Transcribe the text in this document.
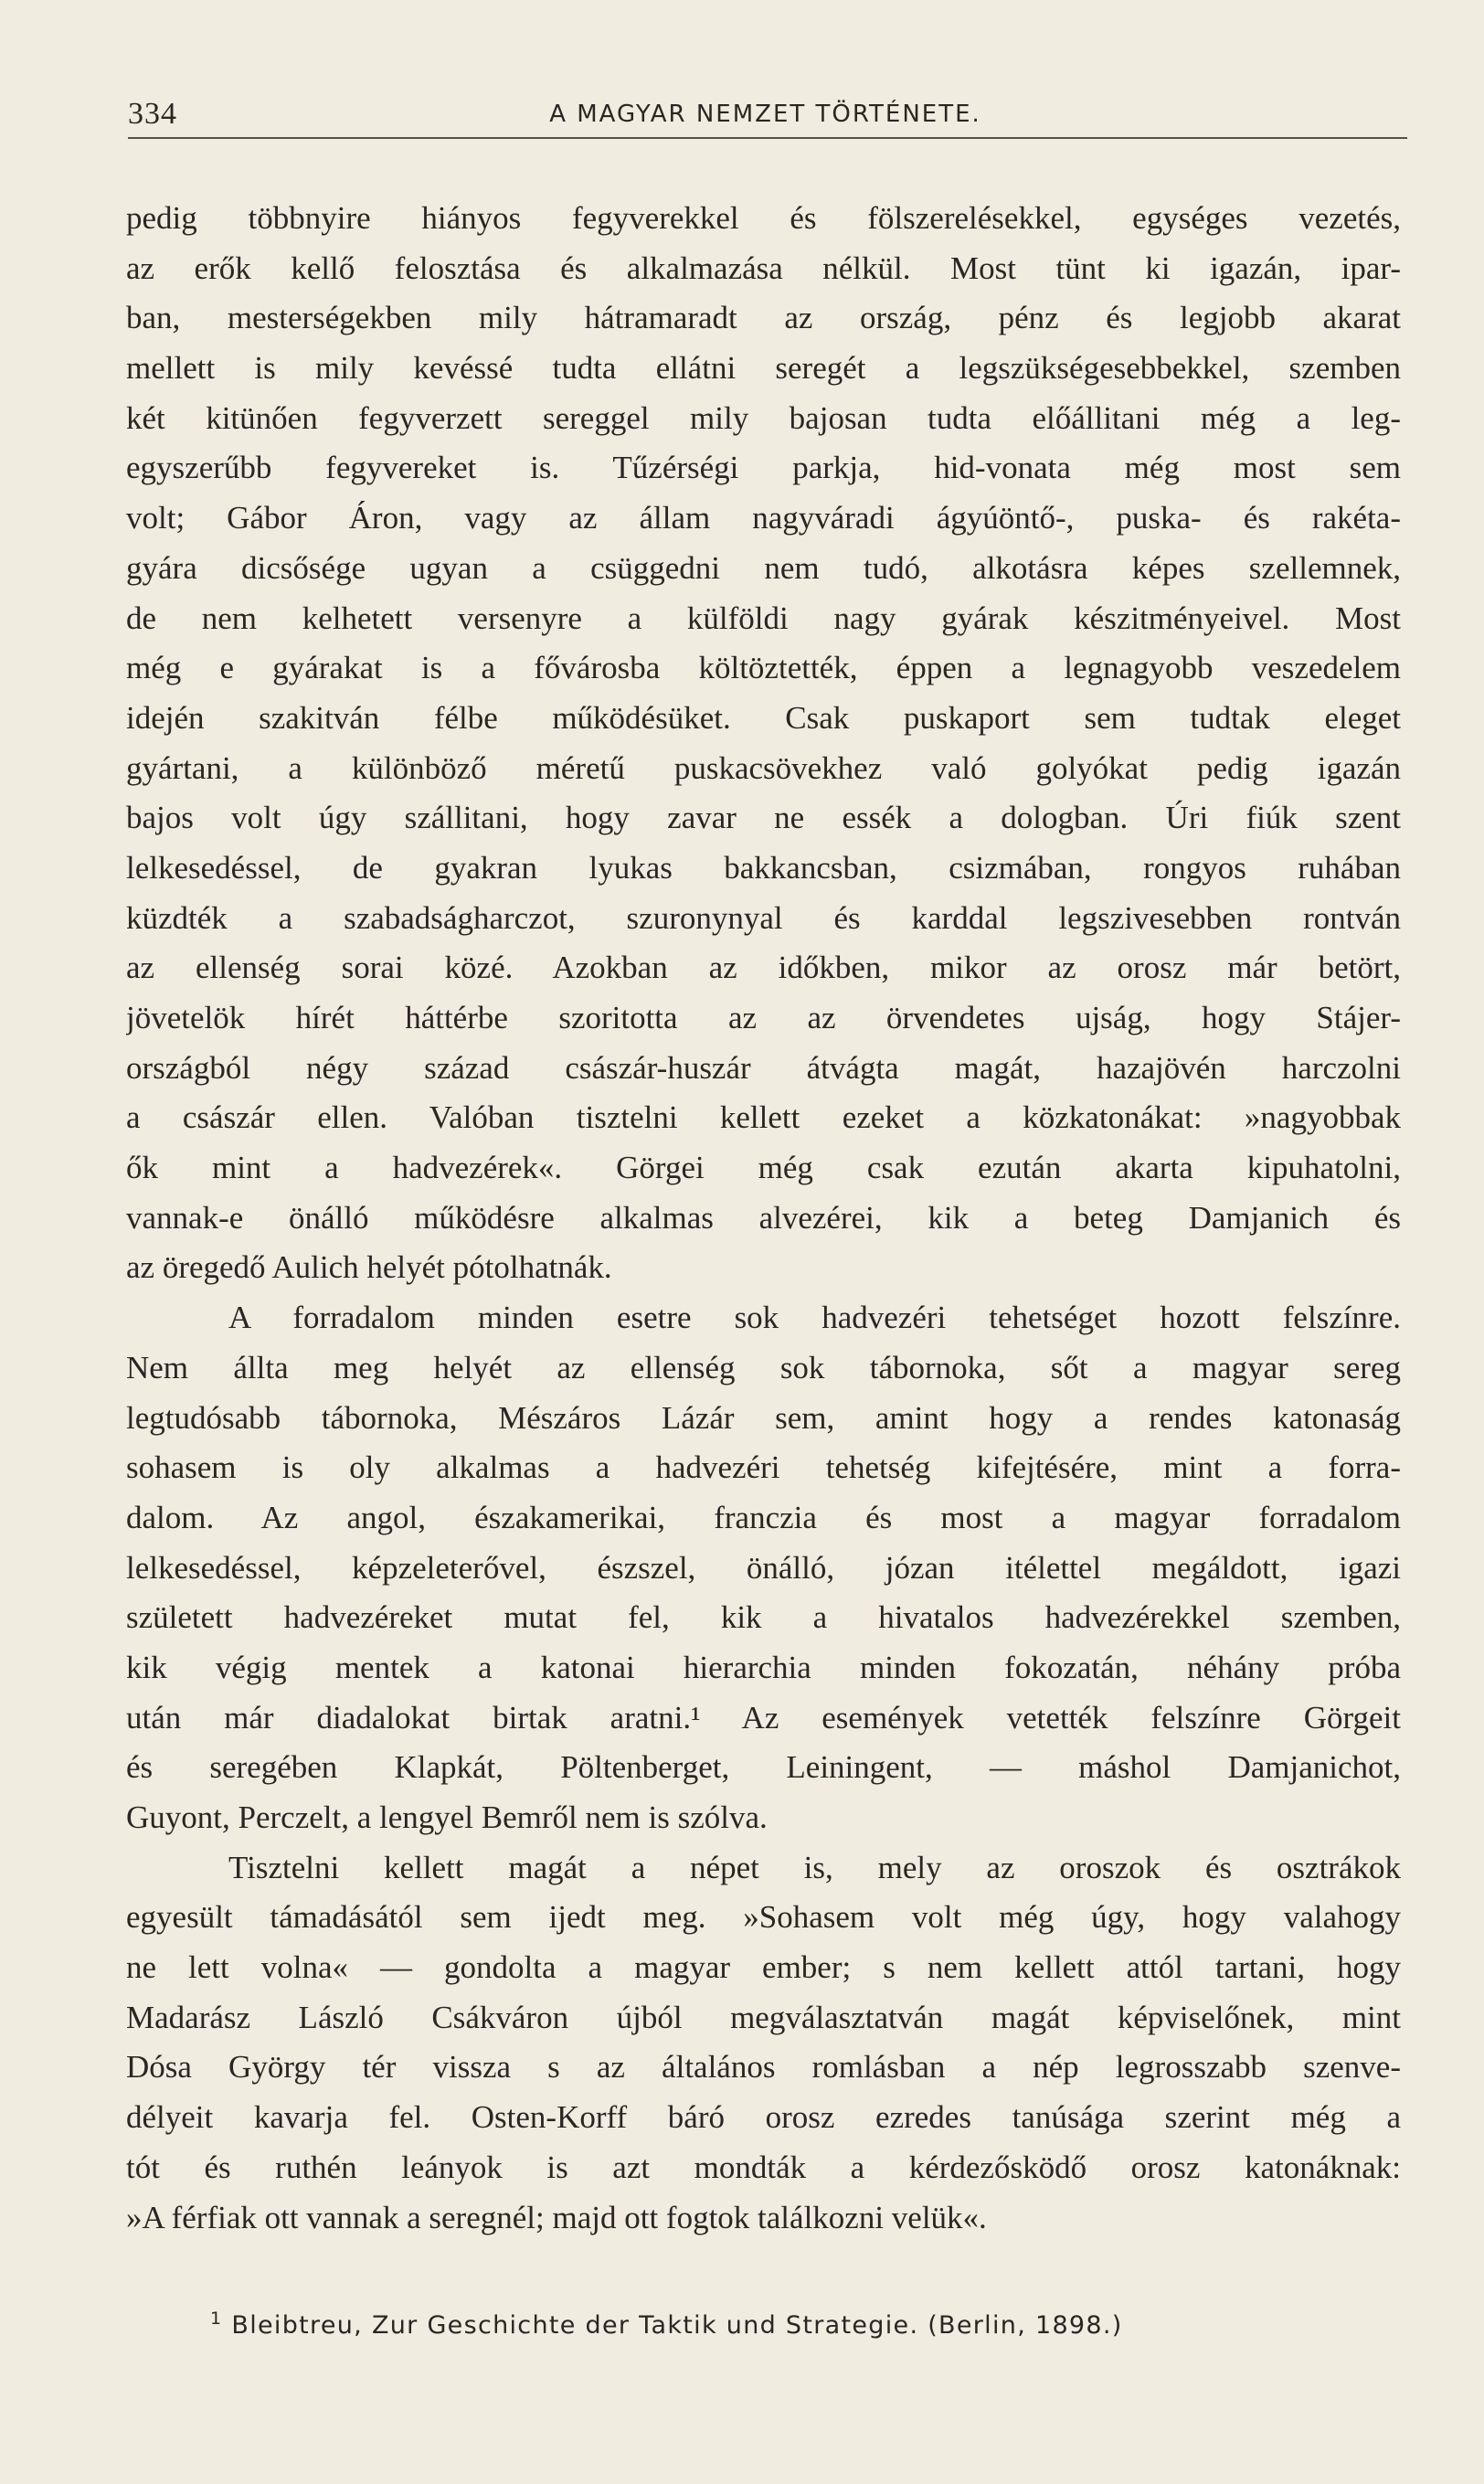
334	A MAGYAR NEMZET TÖRTÉNETE.
pedig többnyire hiányos fegyverekkel és fölszerelésekkel, egységes vezetés,
az erők kellő felosztása és alkalmazása nélkül. Most tünt ki igazán, ipar-
ban, mesterségekben mily hátramaradt az ország, pénz és legjobb akarat
mellett is mily kevéssé tudta ellátni seregét a legszükségesebbekkel, szemben
két kitünően fegyverzett sereggel mily bajosan tudta előállitani még a leg-
egyszerűbb fegyvereket is. Tűzérségi parkja, hid-vonata még most sem
volt; Gábor Áron, vagy az állam nagyváradi ágyúöntő-, puska- és rakéta-
gyára dicsősége ugyan a csüggedni nem tudó, alkotásra képes szellemnek,
de nem kelhetett versenyre a külföldi nagy gyárak készitményeivel. Most
még e gyárakat is a fővárosba költöztették, éppen a legnagyobb veszedelem
idején szakitván félbe működésüket. Csak puskaport sem tudtak eleget
gyártani, a különböző méretű puskacsövekhez való golyókat pedig igazán
bajos volt úgy szállitani, hogy zavar ne essék a dologban. Úri fiúk szent
lelkesedéssel, de gyakran lyukas bakkancsban, csizmában, rongyos ruhában
küzdték a szabadságharczot, szuronynyal és karddal legszivesebben rontván
az ellenség sorai közé. Azokban az időkben, mikor az orosz már betört,
jövetelök hírét háttérbe szoritotta az az örvendetes ujság, hogy Stájer-
országból négy század császár-huszár átvágta magát, hazajövén harczolni
a császár ellen. Valóban tisztelni kellett ezeket a közkatonákat: »nagyobbak
ők mint a hadvezérek«. Görgei még csak ezután akarta kipuhatolni,
vannak-e önálló működésre alkalmas alvezérei, kik a beteg Damjanich és
az öregedő Aulich helyét pótolhatnák.
A forradalom minden esetre sok hadvezéri tehetséget hozott felszínre.
Nem állta meg helyét az ellenség sok tábornoka, sőt a magyar sereg
legtudósabb tábornoka, Mészáros Lázár sem, amint hogy a rendes katonaság
sohasem is oly alkalmas a hadvezéri tehetség kifejtésére, mint a forra-
dalom. Az angol, északamerikai, franczia és most a magyar forradalom
lelkesedéssel, képzeleterővel, észszel, önálló, józan itélettel megáldott, igazi
született hadvezéreket mutat fel, kik a hivatalos hadvezérekkel szemben,
kik végig mentek a katonai hierarchia minden fokozatán, néhány próba
után már diadalokat birtak aratni.¹ Az események vetették felszínre Görgeit
és seregében Klapkát, Pöltenberget, Leiningent, — máshol Damjanichot,
Guyont, Perczelt, a lengyel Bemről nem is szólva.
Tisztelni kellett magát a népet is, mely az oroszok és osztrákok
egyesült támadásától sem ijedt meg. »Sohasem volt még úgy, hogy valahogy
ne lett volna« — gondolta a magyar ember; s nem kellett attól tartani, hogy
Madarász László Csákváron újból megválasztatván magát képviselőnek, mint
Dósa György tér vissza s az általános romlásban a nép legrosszabb szenve-
délyeit kavarja fel. Osten-Korff báró orosz ezredes tanúsága szerint még a
tót és ruthén leányok is azt mondták a kérdezősködő orosz katonáknak:
»A férfiak ott vannak a seregnél; majd ott fogtok találkozni velük«.
$^1$ Bleibtreu, Zur Geschichte der Taktik und Strategie. (Berlin, 1898.)
